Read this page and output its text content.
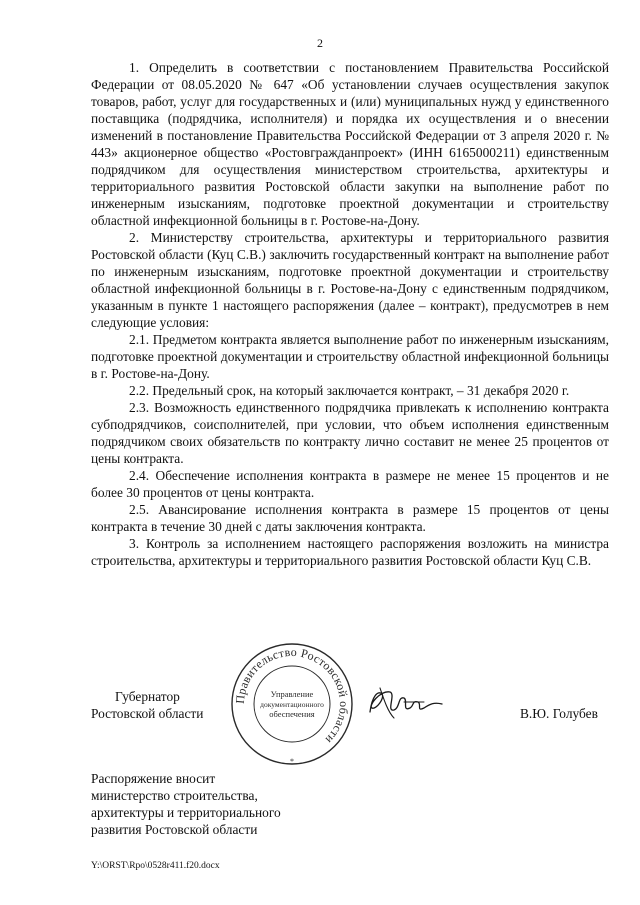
2

1. Определить в соответствии с постановлением Правительства Российской Федерации от 08.05.2020 № 647 «Об установлении случаев осуществления закупок товаров, работ, услуг для государственных и (или) муниципальных нужд у единственного поставщика (подрядчика, исполнителя) и порядка их осуществления и о внесении изменений в постановление Правительства Российской Федерации от 3 апреля 2020 г. № 443» акционерное общество «Ростовгражданпроект» (ИНН 6165000211) единственным подрядчиком для осуществления министерством строительства, архитектуры и территориального развития Ростовской области закупки на выполнение работ по инженерным изысканиям, подготовке проектной документации и строительству областной инфекционной больницы в г. Ростове-на-Дону.

2. Министерству строительства, архитектуры и территориального развития Ростовской области (Куц С.В.) заключить государственный контракт на выполнение работ по инженерным изысканиям, подготовке проектной документации и строительству областной инфекционной больницы в г. Ростове-на-Дону с единственным подрядчиком, указанным в пункте 1 настоящего распоряжения (далее – контракт), предусмотрев в нем следующие условия:

2.1. Предметом контракта является выполнение работ по инженерным изысканиям, подготовке проектной документации и строительству областной инфекционной больницы в г. Ростове-на-Дону.

2.2. Предельный срок, на который заключается контракт, – 31 декабря 2020 г.

2.3. Возможность единственного подрядчика привлекать к исполнению контракта субподрядчиков, соисполнителей, при условии, что объем исполнения единственным подрядчиком своих обязательств по контракту лично составит не менее 25 процентов от цены контракта.

2.4. Обеспечение исполнения контракта в размере не менее 15 процентов и не более 30 процентов от цены контракта.

2.5. Авансирование исполнения контракта в размере 15 процентов от цены контракта в течение 30 дней с даты заключения контракта.

3. Контроль за исполнением настоящего распоряжения возложить на министра строительства, архитектуры и территориального развития Ростовской области Куц С.В.

Губернатор
Ростовской области
Правительство Ростовской области
Управление
документационного
обеспечения
*
В.Ю. Голубев
Распоряжение вносит
министерство строительства,
архитектуры и территориального
развития Ростовской области
Y:\ORST\Rpo\0528r411.f20.docx
